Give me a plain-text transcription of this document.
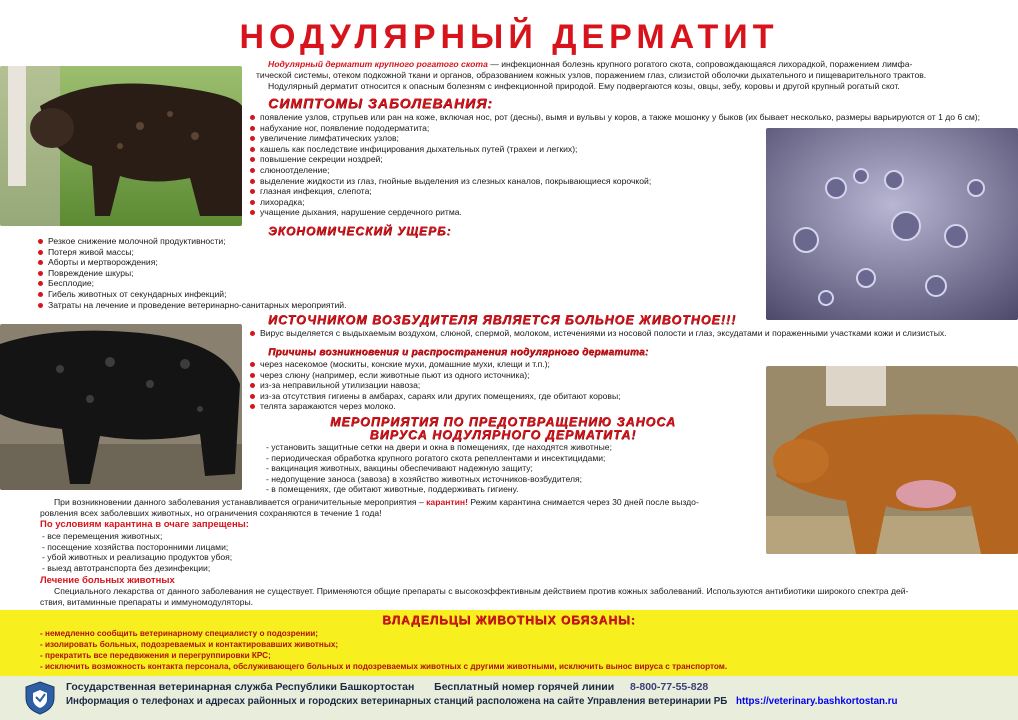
НОДУЛЯРНЫЙ ДЕРМАТИТ
Нодулярный дерматит крупного рогатого скота — инфекционная болезнь крупного рогатого скота, сопровождающаяся лихорадкой, поражением лимфа-
тической системы, отеком подкожной ткани и органов, образованием кожных узлов, поражением глаз, слизистой оболочки дыхательного и пищеварительного трактов.
Нодулярный дерматит относится к опасным болезням с инфекционной природой. Ему подвергаются козы, овцы, зебу, коровы и другой крупный рогатый скот.
СИМПТОМЫ ЗАБОЛЕВАНИЯ:
появление узлов, струпьев или ран на коже, включая нос, рот (десны), вымя и вульвы у коров, а также мошонку у быков (их бывает несколько, размеры варьируются от 1 до 6 см);
набухание ног, появление пододерматита;
увеличение лимфатических узлов;
кашель как последствие инфицирования дыхательных путей (трахеи и легких);
повышение секреции ноздрей;
слюноотделение;
выделение жидкости из глаз, гнойные выделения из слезных каналов, покрывающиеся корочкой;
глазная инфекция, слепота;
лихорадка;
учащение дыхания, нарушение сердечного ритма.
ЭКОНОМИЧЕСКИЙ УЩЕРБ:
Резкое снижение молочной продуктивности;
Потеря живой массы;
Аборты и мертворождения;
Повреждение шкуры;
Бесплодие;
Гибель животных от секундарных инфекций;
Затраты на лечение и проведение ветеринарно-санитарных мероприятий.
ИСТОЧНИКОМ ВОЗБУДИТЕЛЯ ЯВЛЯЕТСЯ БОЛЬНОЕ ЖИВОТНОЕ!!!
Вирус выделяется с выдыхаемым воздухом, слюной, спермой, молоком, истечениями из носовой полости и глаз, эксудатами и пораженными участками кожи и слизистых.
Причины возникновения и распространения нодулярного дерматита:
через насекомое (москиты, конские мухи, домашние мухи, клещи и т.п.);
через слюну (например, если животные пьют из одного источника);
из-за неправильной утилизации навоза;
из-за отсутствия гигиены в амбарах, сараях или других помещениях, где обитают коровы;
телята заражаются через молоко.
МЕРОПРИЯТИЯ ПО ПРЕДОТВРАЩЕНИЮ ЗАНОСА
ВИРУСА НОДУЛЯРНОГО ДЕРМАТИТА!
- установить защитные сетки на двери и окна в помещениях, где находятся животные;
- периодическая обработка крупного рогатого скота репеллентами и инсектицидами;
- вакцинация животных, вакцины обеспечивают надежную защиту;
- недопущение заноса (завоза) в хозяйство животных источников-возбудителя;
- в помещениях, где обитают животные, поддерживать гигиену.
При возникновении данного заболевания устанавливается ограничительные мероприятия – карантин! Режим карантина снимается через 30 дней после выздо-
ровления всех заболевших животных, но ограничения сохраняются в течение 1 года!
По условиям карантина в очаге запрещены:
- все перемещения животных;
- посещение хозяйства посторонними лицами;
- убой животных и реализацию продуктов убоя;
- выезд автотранспорта без дезинфекции;
Лечение больных животных
Специального лекарства от данного заболевания не существует. Применяются общие препараты с высокоэффективным действием против кожных заболеваний. Используются антибиотики широкого спектра дей-
ствия, витаминные препараты и иммуномодуляторы.
ВЛАДЕЛЬЦЫ ЖИВОТНЫХ ОБЯЗАНЫ:
- немедленно сообщить ветеринарному специалисту о подозрении;
- изолировать больных, подозреваемых и контактировавших животных;
- прекратить все передвижения и перегруппировки КРС;
- исключить возможность контакта персонала, обслуживающего больных и подозреваемых животных с другими животными, исключить вынос вируса с транспортом.
Государственная ветеринарная служба Республики Башкортостан Бесплатный номер горячей линии 8-800-77-55-828
Информация о телефонах и адресах районных и городских ветеринарных станций расположена на сайте Управления ветеринарии РБ https://veterinary.bashkortostan.ru
